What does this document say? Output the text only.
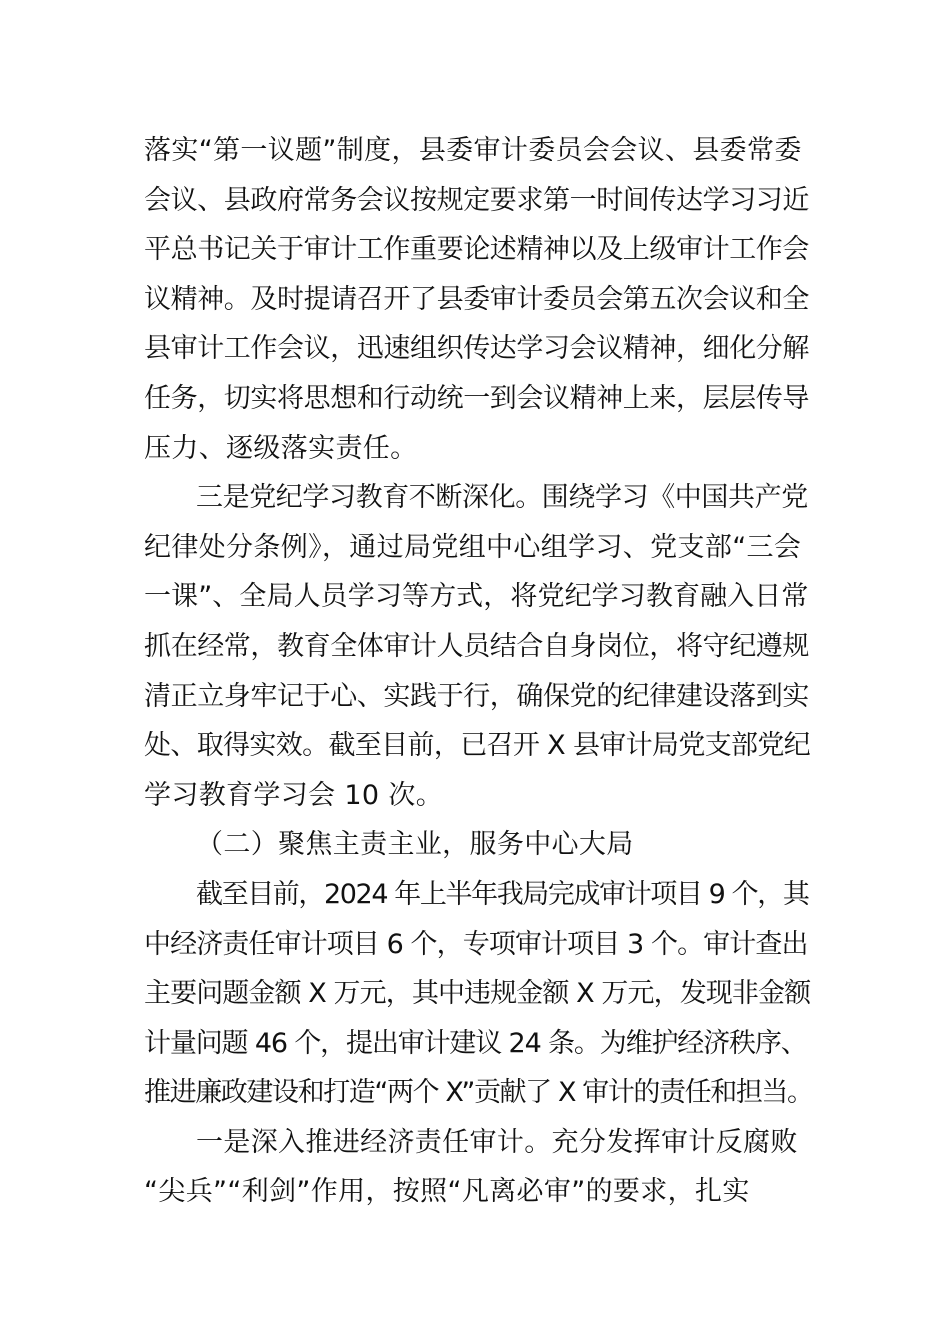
落实“第一议题”制度，县委审计委员会会议、县委常委
会议、县政府常务会议按规定要求第一时间传达学习习近
平总书记关于审计工作重要论述精神以及上级审计工作会
议精神。及时提请召开了县委审计委员会第五次会议和全
县审计工作会议，迅速组织传达学习会议精神，细化分解
任务，切实将思想和行动统一到会议精神上来，层层传导
压力、逐级落实责任。
三是党纪学习教育不断深化。围绕学习《中国共产党
纪律处分条例》，通过局党组中心组学习、党支部“三会
一课”、全局人员学习等方式，将党纪学习教育融入日常
抓在经常，教育全体审计人员结合自身岗位，将守纪遵规
清正立身牢记于心、实践于行，确保党的纪律建设落到实
处、取得实效。截至目前，已召开 X 县审计局党支部党纪
学习教育学习会 10 次。
（二）聚焦主责主业，服务中心大局
截至目前，2024 年上半年我局完成审计项目 9 个，其
中经济责任审计项目 6 个，专项审计项目 3 个。审计查出
主要问题金额 X 万元，其中违规金额 X 万元，发现非金额
计量问题 46 个，提出审计建议 24 条。为维护经济秩序、
推进廉政建设和打造“两个 X”贡献了 X 审计的责任和担当。
一是深入推进经济责任审计。充分发挥审计反腐败
“尖兵”“利剑”作用，按照“凡离必审”的要求，扎实
